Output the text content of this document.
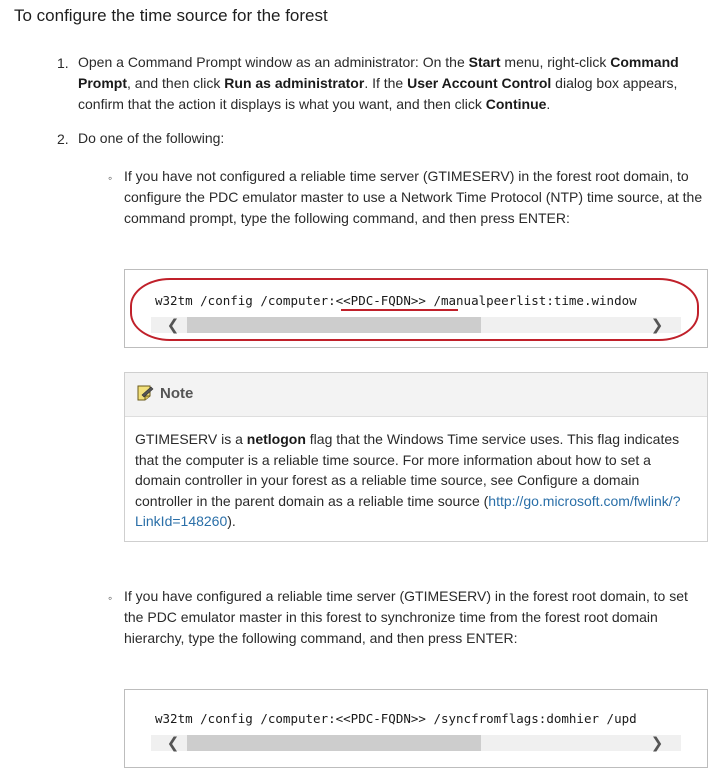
To configure the time source for the forest
1. Open a Command Prompt window as an administrator: On the Start menu, right-click Command Prompt, and then click Run as administrator. If the User Account Control dialog box appears, confirm that the action it displays is what you want, and then click Continue.
2. Do one of the following:
◦ If you have not configured a reliable time server (GTIMESERV) in the forest root domain, to configure the PDC emulator master to use a Network Time Protocol (NTP) time source, at the command prompt, type the following command, and then press ENTER:
w32tm /config /computer:<<PDC-FQDN>> /manualpeerlist:time.window
❮	❯
Note
GTIMESERV is a netlogon flag that the Windows Time service uses. This flag indicates that the computer is a reliable time source. For more information about how to set a domain controller in your forest as a reliable time source, see Configure a domain controller in the parent domain as a reliable time source (http://go.microsoft.com/fwlink/?LinkId=148260).
◦ If you have configured a reliable time server (GTIMESERV) in the forest root domain, to set the PDC emulator master in this forest to synchronize time from the forest root domain hierarchy, type the following command, and then press ENTER:
w32tm /config /computer:<<PDC-FQDN>> /syncfromflags:domhier /upd
❮	❯
